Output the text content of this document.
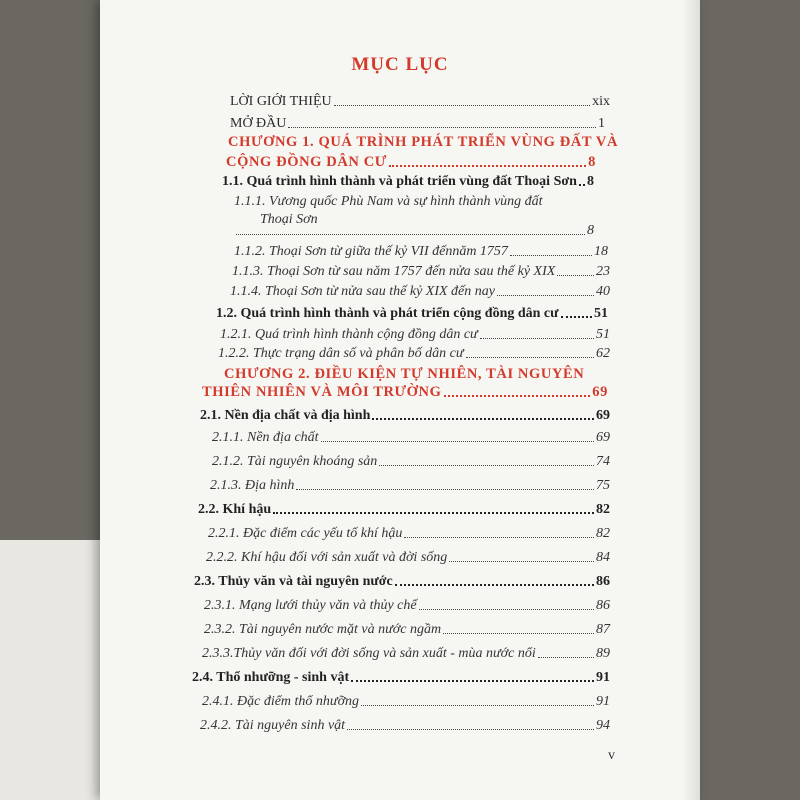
MỤC LỤC
LỜI GIỚI THIỆU	xix
MỞ ĐẦU	1
CHƯƠNG 1. QUÁ TRÌNH PHÁT TRIỂN VÙNG ĐẤT VÀ
CỘNG ĐỒNG DÂN CƯ	8
1.1. Quá trình hình thành và phát triển vùng đất Thoại Sơn 8
1.1.1. Vương quốc Phù Nam và sự hình thành vùng đất
Thoại Sơn
8
1.1.2. Thoại Sơn từ giữa thế kỷ VII đếnnăm 1757	18
1.1.3. Thoại Sơn từ sau năm 1757 đến nửa sau thế kỷ XIX	23
1.1.4. Thoại Sơn từ nửa sau thế kỷ XIX đến nay	40
1.2. Quá trình hình thành và phát triển cộng đồng dân cư	51
1.2.1. Quá trình hình thành cộng đồng dân cư	51
1.2.2. Thực trạng dân số và phân bố dân cư	62
CHƯƠNG 2. ĐIỀU KIỆN TỰ NHIÊN, TÀI NGUYÊN
THIÊN NHIÊN VÀ MÔI TRƯỜNG	69
2.1. Nền địa chất và địa hình	69
2.1.1. Nền địa chất	69
2.1.2. Tài nguyên khoáng sản	74
2.1.3. Địa hình	75
2.2. Khí hậu	82
2.2.1. Đặc điểm các yếu tố khí hậu	82
2.2.2. Khí hậu đối với sản xuất và đời sống	84
2.3. Thủy văn và tài nguyên nước	86
2.3.1. Mạng lưới thủy văn và thủy chế	86
2.3.2. Tài nguyên nước mặt và nước ngầm	87
2.3.3.Thủy văn đối với đời sống và sản xuất - mùa nước nổi	89
2.4. Thổ nhưỡng - sinh vật	91
2.4.1. Đặc điểm thổ nhưỡng	91
2.4.2. Tài nguyên sinh vật	94
v
